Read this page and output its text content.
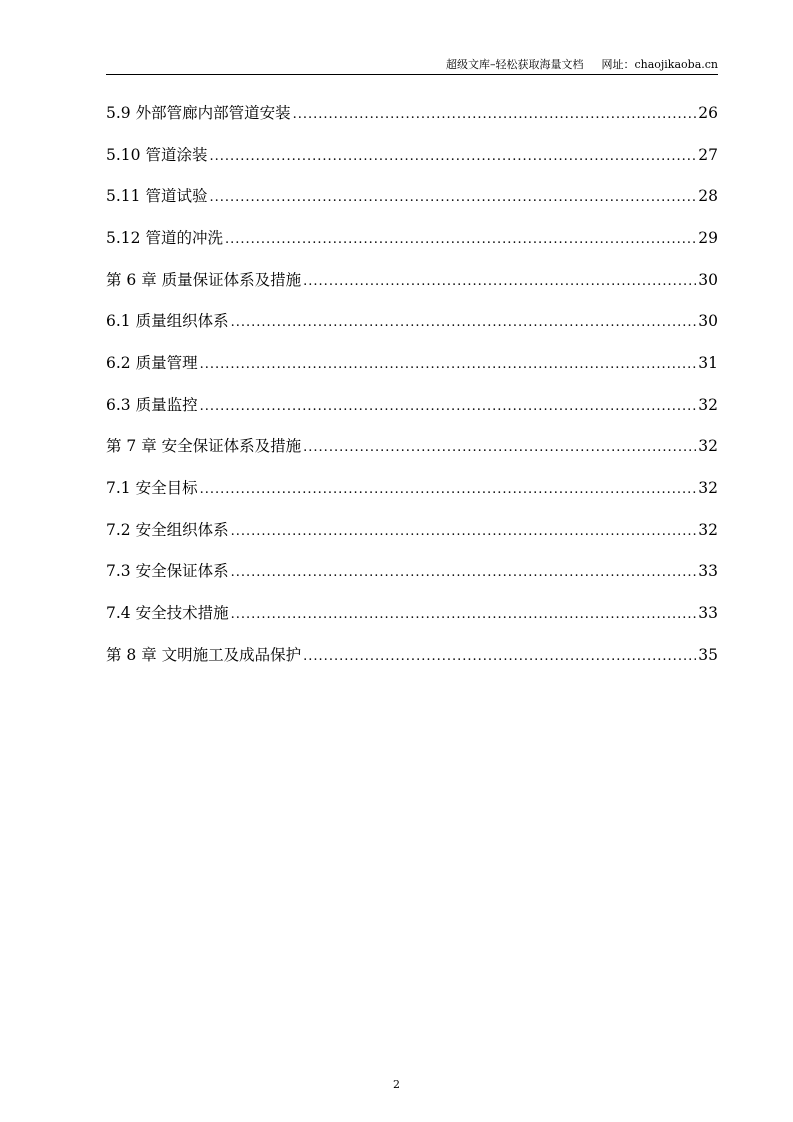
超级文库–轻松获取海量文档 网址：chaojikaoba.cn
5.9 外部管廊内部管道安装 .....	26
5.10 管道涂装 .....	27
5.11 管道试验 .....	28
5.12 管道的冲洗 .....	29
第 6 章 质量保证体系及措施 .....	30
6.1 质量组织体系 .....	30
6.2 质量管理 .....	31
6.3 质量监控 .....	32
第 7 章 安全保证体系及措施 .....	32
7.1 安全目标 .....	32
7.2 安全组织体系 .....	32
7.3 安全保证体系 .....	33
7.4 安全技术措施 .....	33
第 8 章 文明施工及成品保护 .....	35
2
